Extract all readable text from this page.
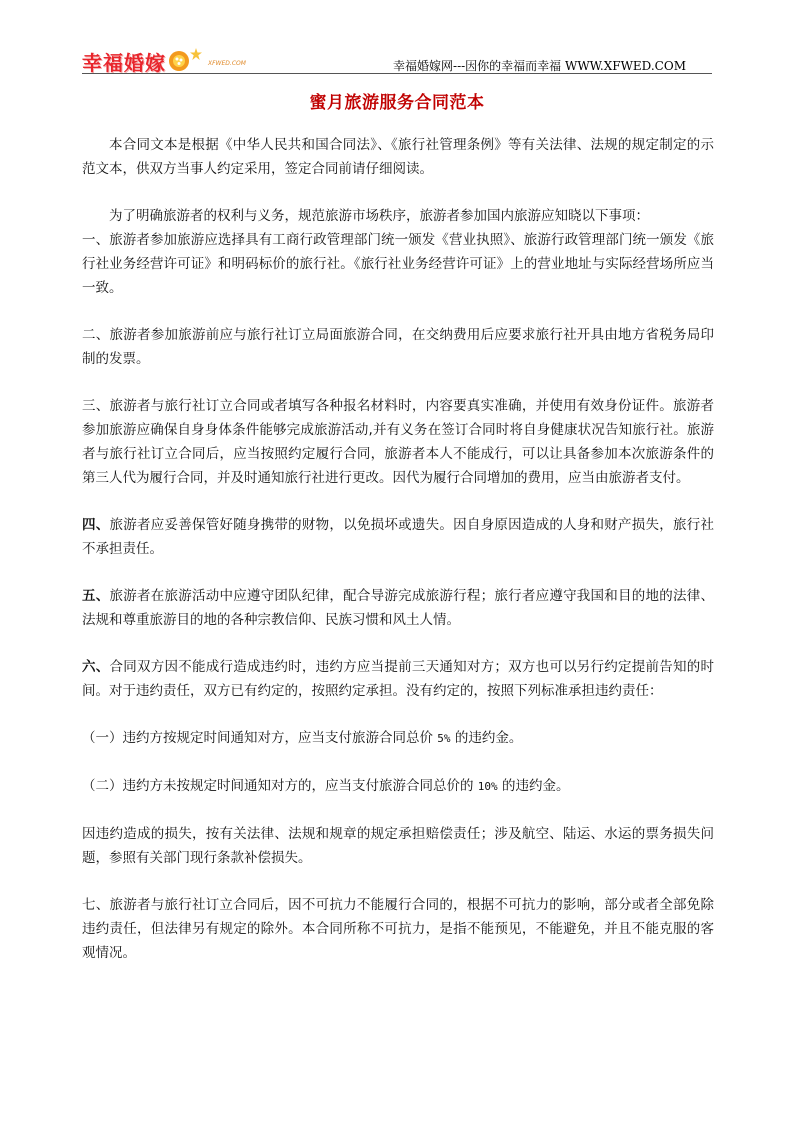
幸福婚嫁	XFWED.COM	幸福婚嫁网---因你的幸福而幸福 WWW.XFWED.COM
蜜月旅游服务合同范本

本合同文本是根据《中华人民共和国合同法》、《旅行社管理条例》等有关法律、法规的规定制定的示范文本，供双方当事人约定采用，签定合同前请仔细阅读。

为了明确旅游者的权利与义务，规范旅游市场秩序，旅游者参加国内旅游应知晓以下事项：

一、旅游者参加旅游应选择具有工商行政管理部门统一颁发《营业执照》、旅游行政管理部门统一颁发《旅行社业务经营许可证》和明码标价的旅行社。《旅行社业务经营许可证》上的营业地址与实际经营场所应当一致。

二、旅游者参加旅游前应与旅行社订立局面旅游合同，在交纳费用后应要求旅行社开具由地方省税务局印制的发票。

三、旅游者与旅行社订立合同或者填写各种报名材料时，内容要真实准确，并使用有效身份证件。旅游者参加旅游应确保自身身体条件能够完成旅游活动,并有义务在签订合同时将自身健康状况告知旅行社。旅游者与旅行社订立合同后，应当按照约定履行合同，旅游者本人不能成行，可以让具备参加本次旅游条件的第三人代为履行合同，并及时通知旅行社进行更改。因代为履行合同增加的费用，应当由旅游者支付。

四、旅游者应妥善保管好随身携带的财物，以免损坏或遗失。因自身原因造成的人身和财产损失，旅行社不承担责任。

五、旅游者在旅游活动中应遵守团队纪律，配合导游完成旅游行程；旅行者应遵守我国和目的地的法律、法规和尊重旅游目的地的各种宗教信仰、民族习惯和风土人情。

六、合同双方因不能成行造成违约时，违约方应当提前三天通知对方；双方也可以另行约定提前告知的时间。对于违约责任，双方已有约定的，按照约定承担。没有约定的，按照下列标准承担违约责任：

（一）违约方按规定时间通知对方，应当支付旅游合同总价 5% 的违约金。

（二）违约方未按规定时间通知对方的，应当支付旅游合同总价的 10% 的违约金。

因违约造成的损失，按有关法律、法规和规章的规定承担赔偿责任；涉及航空、陆运、水运的票务损失问题，参照有关部门现行条款补偿损失。

七、旅游者与旅行社订立合同后，因不可抗力不能履行合同的，根据不可抗力的影响，部分或者全部免除违约责任，但法律另有规定的除外。本合同所称不可抗力，是指不能预见，不能避免，并且不能克服的客观情况。
